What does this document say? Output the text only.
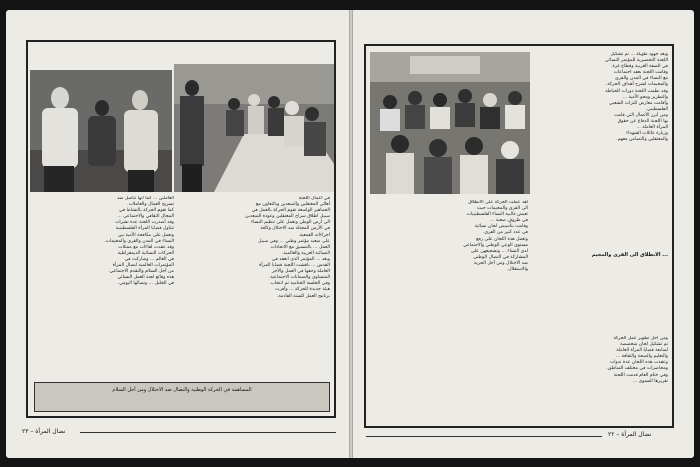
في أعمال اللجنة
أهالي المعتقلين والمبعدين وبالتعاون مع
الجماهير الواسعة تقوم الحركة بالعمل في
سبيل اطلاق سراح المعتقلين وعودة المبعدين
الى أرض الوطن وتعمل على تنظيم النساء
في الأرض المحتلة ضد الاحتلال وكافة
اجراءاته القمعية.
على صعيد مؤتمر وطني ... وفي سبيل
العمل ... بالتنسيق مع الاتحادات
النسائية العربية والعالمية.
وبعد ... المؤتمر الذي انعقد في
القدس ... ناقشت اللجنة قضايا المرأة
العاملة وحقها في العمل والأجر
المتساوي والضمانات الاجتماعية.
وفي الجلسة الختامية تم انتخاب
هيئة جديدة للحركة ... وأقرت
برنامج العمل للسنة القادمة.
العاملين ... كما أنها تناضل ضد
تسريح العمال والعاملات.
كما تقوم الحركة بالنشاط في
المجال الثقافي والاجتماعي ...
وقد أصدرت اللجنة عدة نشرات
تتناول قضايا المرأة الفلسطينية
وتعمل على مكافحة الأمية بين
النساء في المدن والقرى والمخيمات.
وقد عقدت لقاءات مع ممثلات
الحركات النسائية الديمقراطية
في العالم ... وشاركت في
المؤتمرات العالمية لنضال المرأة
من أجل السلام والتقدم الاجتماعي.
هذه وقائع لجنة العمل النسائي
في الخليل ... ونضالها اليومي.
المساهمة في الحركة الوطنية والنضال ضد الاحتلال ومن أجل السلام
نضال المرأة – ٢٣
وبعد جهود طويلة ... تم تشكيل
اللجنة التحضيرية للمؤتمر النسائي
في الضفة الغربية وقطاع غزة.
وقامت اللجنة بعقد اجتماعات
مع النساء في المدن والقرى
والمخيمات لشرح أهداف الحركة.
وقد نظمت اللجنة دورات للخياطة
والتطريز ومحو الأمية ...
وأقامت معارض للتراث الشعبي
الفلسطيني.
ومن أبرز الأعمال التي قامت
بها اللجنة الدفاع عن حقوق
المرأة العاملة ...
وزيارة عائلات الشهداء
والمعتقلين والتضامن معهم.
... الانطلاق الى القرى والمخيم
لقد عملت الحركة على الانطلاق
الى القرى والمخيمات حيث
تعيش غالبية النساء الفلسطينيات
في ظروف صعبة ...
وقامت بتأسيس لجان نسائية
في عدد كبير من القرى.
وتعمل هذه اللجان على رفع
مستوى الوعي الوطني والاجتماعي
لدى النساء ... وتشجيعهن على
المشاركة في النضال الوطني
ضد الاحتلال ومن أجل الحرية
والاستقلال.
ومن أجل تطوير عمل الحركة
تم تشكيل لجان متخصصة
لمتابعة قضايا المرأة العاملة
والتعليم والصحة والثقافة ...
وعقدت هذه اللجان عدة ندوات
ومحاضرات في مختلف المناطق.
وفي ختام العام قدمت اللجنة
تقريرها السنوي ...
نضال المرأة – ٢٢
